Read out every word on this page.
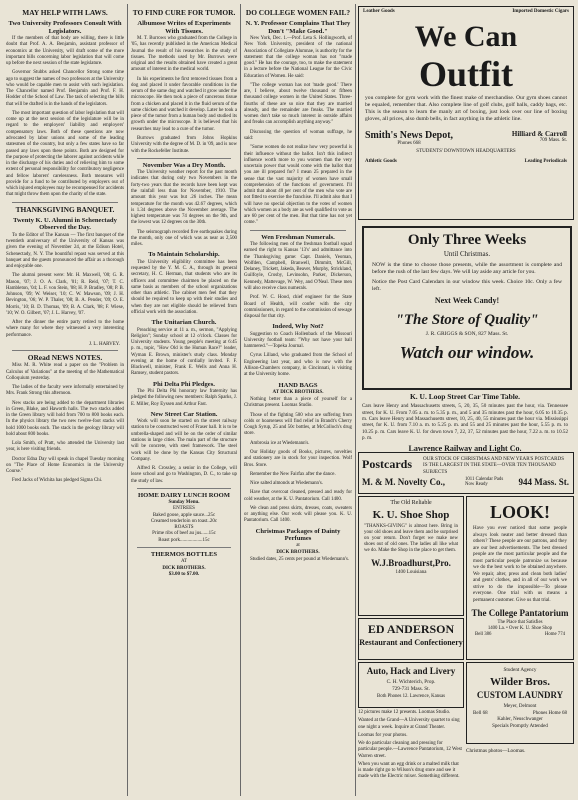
MAY HELP WITH LAWS.
Two University Professors Consult With Legislators.
If the members of that body are willing, there is little doubt that Prof. A. A. Benjamin, assistant professor of economics at the University, will draft some of the more important bills concerning labor legislation that will come up before the next session of the state legislature.
Governor Stubbs asked Chancellor Strong some time ago to suggest the names of two professors at the University who would be capable men to assist with such legislation. The Chancellor named Prof. Benjamin and Prof. F. H. Hodder of the School of Law. The task of selecting the bills that will be drafted is in the hands of the legislators.
The most important question of labor legislation that will come up at the next session of the legislature will be in regard to the employers' liability and employers' compensatory laws. Both of these questions are now advocated by labor unions and some of the leading statesmen of the country, but only a few states have so far passed any laws upon these points. Both are designed for the purpose of protecting the laborer against accidents while in the discharge of his duties and of relieving him to some extent of personal responsibility for contributory negligence and fellow laborers' carelessness. Both measures will provide for a fund to be contributed by employers out of which injured employees may be recompensed for accidents that might throw them upon the charity of the state.
THANKSGIVING BANQUET.
Twenty K. U. Alumni in Schenectady Observed the Day.
To the Editor of The Kansan — The first banquet of the twentieth anniversary of the University of Kansas was given the evening of November 24, at the Edison Hotel, Schenectady, N. Y. The bountiful repast was served at this banquet and the guests pronounced the affair as a thorough and enjoyable one.
The alumni present were: Mr. H. Maxwell, '00; G. R. Mason, '07; J. O. A. Clark, '01; R. Reid, '07; T. C. Hambleton, '04; L. F. von Stein, '08; H. P. Bradley, '08; P. B. Johnson, '09; W. Weiser, '10; C. W. Mawson, '09; J. H. Bevington, '06; W. P. Thaler, '08; B. A. Pender, '09; O. E. Morris, '10; B. D. Thomas, '09; B. A. Clark, '08; F. Wiese, '10; W. O. Gilbert, '07; J. L. Harvey, '07.
After the dinner the entire party retired to the home where many for where they witnessed a very interesting performance.
J. L. HARVEY.
ORead NEWS NOTES.
Miss M. R. White read a paper on the "Problem in Calculus of Variations" at the meeting of the Mathematical Colloquium yesterday.
The ladies of the faculty were informally entertained by Mrs. Frank Strong this afternoon.
New stacks are being added to the department libraries in Green, Blake, and Haworth halls. The two stacks added in the Green library will hold from 700 to 800 books each. In the physics library the two new twelve-foot stacks will hold 1000 books each. The stack in the geology library will hold about 800 books.
Lola Smith, of Pratt, who attended the University last year, is here visiting friends.
Doctor Edna Day will speak in chapel Tuesday morning on "The Place of Home Economics in the University Course."
Fred Jacks of Wichita has pledged Sigma Chi.
TO FIND CURE FOR TUMOR.
Albumose Writes of Experiments With Tissues.
M. T. Burrows who graduated from the College in '05, has recently published in the American Medical Journal the result of his researches in the study of tissues. The methods used by Mr. Burrows were original and the results obtained have created a great amount of interest in the medical world.
In his experiments he first removed tissues from a dog and placed it under favorable conditions in the serum of the same dog and watched it grow under the microscope. He then took a piece of cancerous tissue from a chicken and placed it in the fluid serum of the same chicken and watched it develop. Later he took a piece of the tumor from a human body and studied its growth under the microscope. It is believed that his researches may lead to a cure of the tumor.
Burrows graduated from Johns Hopkins University with the degree of M. D. in '09, and is now with the Rockefeller Institute.
November Was a Dry Month.
The University weather report for the past month indicates that during only two Novembers in the forty-two years that the records have been kept was the rainfall less than for November, 1910. The amount this year was but .26 inches. The mean temperature for the month was 42.67 degrees, which is 1.34 degrees above the November average. The highest temperature was 74 degrees on the 9th, and the lowest was 12 degrees on the 30th.
The seismograph recorded five earthquakes during the month, only one of which was as near as 2,500 miles.
To Maintain Scholarship.
The University eligibility committee has been requested by the Y. M. C. A., through its general secretary, H. C. Herman, that students who are its officers and committee chairmen be placed on the same basis as members of the school organizations other than athletic. The cabinet men feel that they should be required to keep up with their studies and when they are not eligible should be relieved from official work with the association.
The Unitarian Church.
Preaching service at 11 a. m., sermon, "Applying Religion"; Sunday school at 12 o'clock. Classes for University students. Young people's meeting at 6:45 p. m., topic, "How Old is the Human Race?" leader, Wyman E. Brown, minister's study class. Monday evening at the home of cordially invited. F. F. Blackwell, minister, Frank E. Wells and Anna H. Ramsey, student pastors.
Phi Delta Phi Pledges.
The Phi Delta Phi honorary law fraternity has pledged the following new members: Ralph Sparks, J. E. Miller, Roy Eyssen and Arthur Fast.
New Street Car Station.
Work will soon be started on the street railway station to be constructed west of Fraser hall. It is to be umbrella-shaped and will be on the order of similar stations in large cities. The main part of the structure will be concrete, with steel framework. The steel work will be done by the Kansas City Structural Company.
Alfred R. Crossley, a senior in the College, will leave school and go to Washington, D. C., to take up the study of law.
HOME DAIRY LUNCH ROOM
Sunday Menu.
ENTREES
Baked goose, apple sauce...25c
Creamed tenderloin on toast..20c
ROASTS
Prime ribs of beef au jus......15c
Roast pork..................15c
THERMOS BOTTLES
AT
DICK BROTHERS.
$3.00 to $7.00.
DO COLLEGE WOMEN FAIL?
N. Y. Professor Complains That They Don't "Make Good."
New York, Dec. 1.—Prof. Leta S. Hollingworth, of New York University, president of the national Association of Collegiate Alumnae, is authority for the statement that the college woman has not "made good." He has the courage, too, to make the statement in a lecture before the National League for the Civic Education of Women. He said:
"The college woman has not 'made good.' There are, I believe, about twelve thousand or fifteen thousand college women in the United States. Three-fourths of these are so nice that they are married already, and the remainder are freaks. The married women don't take so much interest in outside affairs and freaks can accomplish anything anyway."
Discussing the question of woman suffrage, he said:
"Some women do not realize how very powerful is their influence without the ballot. Isn't this indirect influence worth more to you women than the very uncertain power that would come with the ballot that you are ill prepared for? I mean 25 prepared in the sense that the vast majority of women have small comprehension of the functions of government. I'll admit that about 40 per cent of the men who vote are not fitted to exercise the franchise. I'll admit also that I will have no special objection to the votes of women which women as a body are as well qualified to vote as are 60 per cent of the men. But that time has not yet come."
Wen Freshman Numerals.
The following men of the freshman football squad earned the right to Kansas '13's' and admittance into the Thanksgiving game: Capt. Daniels, Yeoman, Wolfden, Campbell, Branwell, Dimmitt, McGill, Delaney, Trickett, Jakeda, Beaver, Murphy, Strickland, Guilfoyle, Crosby, Levinsohn, Parker, Dickerson, Kennedy, Mattevage, W. Wey, and O'Neal. These men will also receive class numerals.
Prof. W. C. Hood, chief engineer for the State Board of Health, will confer with the city commissioners, in regard to the commission of sewage disposal for that city.
Indeed, Why Not?
Suggestion to Coach Hollenback of the Missouri University football team: "Why not have your ball hammered."—Topeka Journal.
Cyrus Lilland, who graduated from the School of Engineering last year, and who is now with the Allison-Chambers company, in Cincinnati, is visiting at the University home.
HAND BAGS
AT DICK BROTHERS.
Nothing better than a piece of yourself for a Christmas present. Loomas Studio.
Those of the fighting 500 who are suffering from colds or hoarseness will find relief in Brandt's Cherry Cough Syrup, 25 and 50c bottles, at McColloch's drug store.
Ambrosia ice at Wiedemann's.
Our Holiday goods of Books, pictures, novelties and stationery are in stock for your inspection. Wolf Bros. Store.
Remember the New Fairfax after the dance.
Nice salted almonds at Wiedemann's.
Have that overcoat cleaned, pressed and ready for cold weather, at the K. U. Pantatorium. Call 1400.
We clean and press skirts, dresses, coats, sweaters or anything else. Our work will please you. K. U. Pantatorium. Call 1400.
Christmas Packages of Dainty Perfumes
at
DICK BROTHERS.
Studied dates, 25 cents per pound at Wiedemann's.
Leather Goods	Imported Domestic Cigars
We Can
Outfit
you complete for gym work with the finest make of merchandise. Our gym shoes cannot be equaled, remember that. Also complete line of golf clubs, golf balls, caddy bags, etc. This is the season to learn the manly art of boxing, just look over our line of boxing gloves, all prices, also dumb bells, in fact anything in the athletic line.
Smith's News Depot,
Phones 668
Hilliard & Carroll
709 Mass. St.
STUDENTS' DOWNTOWN HEADQUARTERS
Athletic Goods	Leading Periodicals
Only Three Weeks
Until Christmas.
NOW is the time to choose those presents, while the assortment is complete and before the rush of the last few days. We will lay aside any article for you.
Notice the Post Card Calendars in our window this week. Choice 10c. Only a few left.
Next Week Candy!
"The Store of Quality"
J. R. GRIGGS & SON, 827 Mass. St.
Watch our window.
K. U. Loop Street Car Time Table.
Cars leave Henry and Massachusetts streets, 5, 20, 35, 50 minutes past the hour, via. Tennessee street, for K. U. From 7.05 a. m. to 5.35 p. m., and 5 and 35 minutes past the hour, 6.05 to 10.35 p. m. Cars leave Henry and Massachusetts street, 10, 25, 40, 55 minutes past the hour via. Mississippi street, for K. U. from 7.10 a. m. to 5.25 p. m. and 55 and 25 minutes past the hour, 5.55 p. m. to 10.25 p. m. Cars leave K. U. for down town 7, 22, 37, 52 minutes past the hour, 7.22 a. m. to 10.52 p. m.
Lawrence Railway and Light Co.
Postcards OUR STOCK OF CHRISTMAS AND NEW YEAR'S POSTCARDS IS THE LARGEST IN THE STATE—OVER TEN THOUSAND SUBJECTS
M. & M. Novelty Co.,	1011 Calendar Pads
Now Ready	944 Mass. St.
The Old Reliable
K. U. Shoe Shop
"THANKS-GIVING" is almost here. Bring in your old shoes and leave them and be surprised on your return. Don't forget we make new shoes out of old ones. The ladies all like what we do. Make the Shop in the place to get them.
W.J.Broadhurst,Pro.
1400 Louisiana
ED ANDERSON
Restaurant and Confectionery
Auto, Hack and Livery
C. H. Wichterich, Prop.
729-731 Mass. St.
Both Phones 12. Lawrence, Kansas
LOOK!
Have you ever noticed that some people always look neater and better dressed than others? These people are our patrons, and they are our best advertisements. The best dressed people are the most particular people and the most particular people patronize us because we do the best work to be obtained anywhere. We repair, alter, press and clean both ladies' and gents' clothes, and in all of our work we strive to do the impossible—To please everyone. One trial with us means a permanent customer. Give us that trial.
The College Pantatorium
The Place that Satisfies
1400 La. • Over K. U. Shoe Shop
Bell 386	Home 774
12 pictures make 12 presents. Loomas Studio.
Wanted at the Grand—A University quartet to sing one night a week. Inquire at Grand Theater.
Loomas for your photos.
We do particular cleaning and pressing for particular people.—Lawrence Pantatorium, 12 West Warren street.
When you want an egg drink or a malted milk that is made right go to Wilson's drug store and see it made with the Electric mixer. Something different.
Student Agency
Wilder Bros.
CUSTOM LAUNDRY
Meyer, Delmont
Bell 68	Phones Home 68
Kahler, Neuschwanger
Specials Promptly Attended
Christmas photos—Loomas.
